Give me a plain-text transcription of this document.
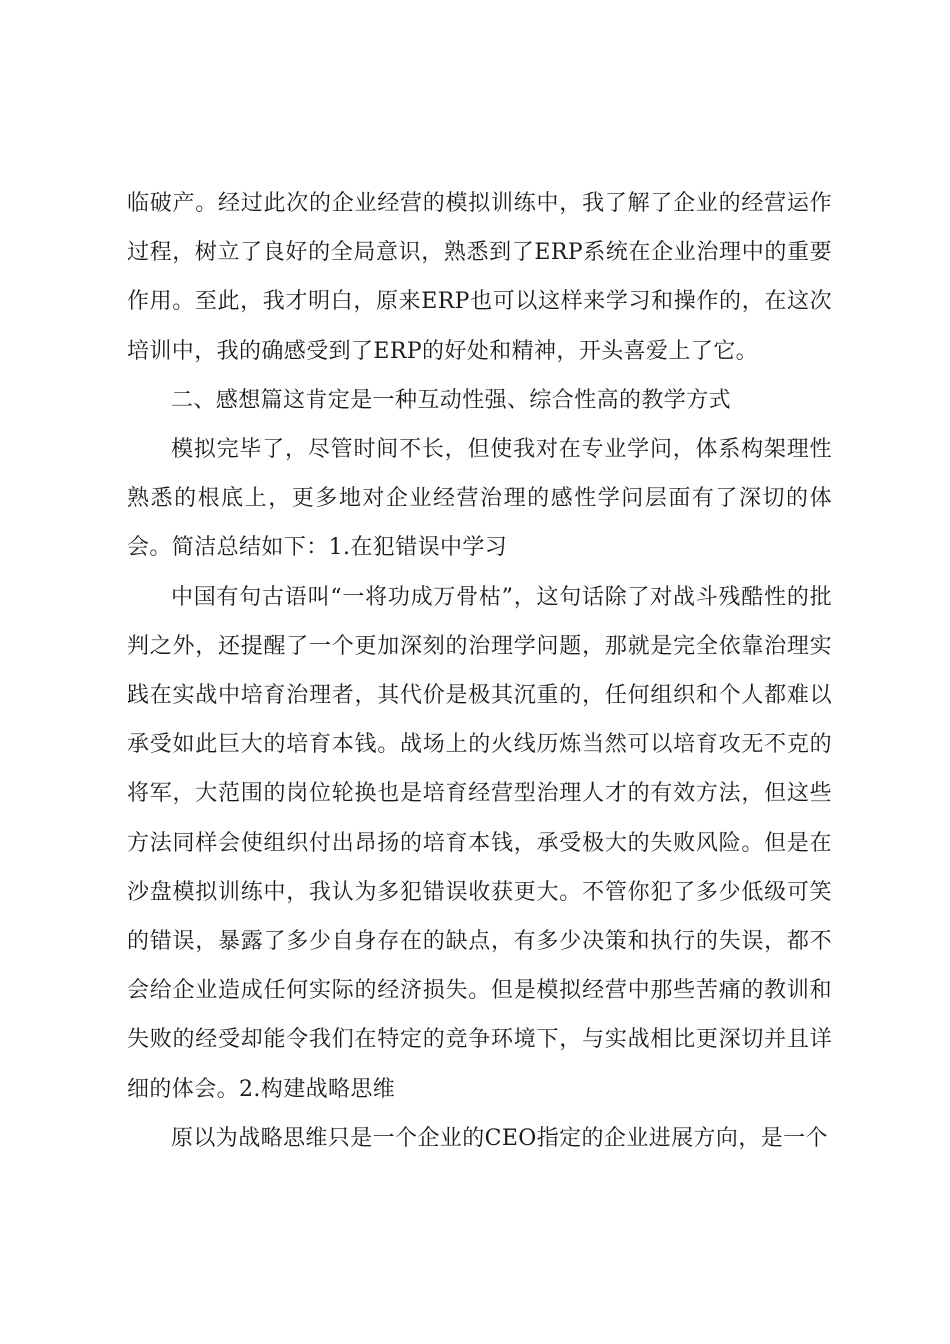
临破产。经过此次的企业经营的模拟训练中，我了解了企业的经营运作过程，树立了良好的全局意识，熟悉到了ERP系统在企业治理中的重要作用。至此，我才明白，原来ERP也可以这样来学习和操作的，在这次培训中，我的确感受到了ERP的好处和精神，开头喜爱上了它。

二、感想篇这肯定是一种互动性强、综合性高的教学方式

模拟完毕了，尽管时间不长，但使我对在专业学问，体系构架理性熟悉的根底上，更多地对企业经营治理的感性学问层面有了深切的体会。简洁总结如下：1.在犯错误中学习

中国有句古语叫“一将功成万骨枯”，这句话除了对战斗残酷性的批判之外，还提醒了一个更加深刻的治理学问题，那就是完全依靠治理实践在实战中培育治理者，其代价是极其沉重的，任何组织和个人都难以承受如此巨大的培育本钱。战场上的火线历炼当然可以培育攻无不克的将军，大范围的岗位轮换也是培育经营型治理人才的有效方法，但这些方法同样会使组织付出昂扬的培育本钱，承受极大的失败风险。但是在沙盘模拟训练中，我认为多犯错误收获更大。不管你犯了多少低级可笑的错误，暴露了多少自身存在的缺点，有多少决策和执行的失误，都不会给企业造成任何实际的经济损失。但是模拟经营中那些苦痛的教训和失败的经受却能令我们在特定的竞争环境下，与实战相比更深切并且详细的体会。2.构建战略思维

原以为战略思维只是一个企业的CEO指定的企业进展方向，是一个
